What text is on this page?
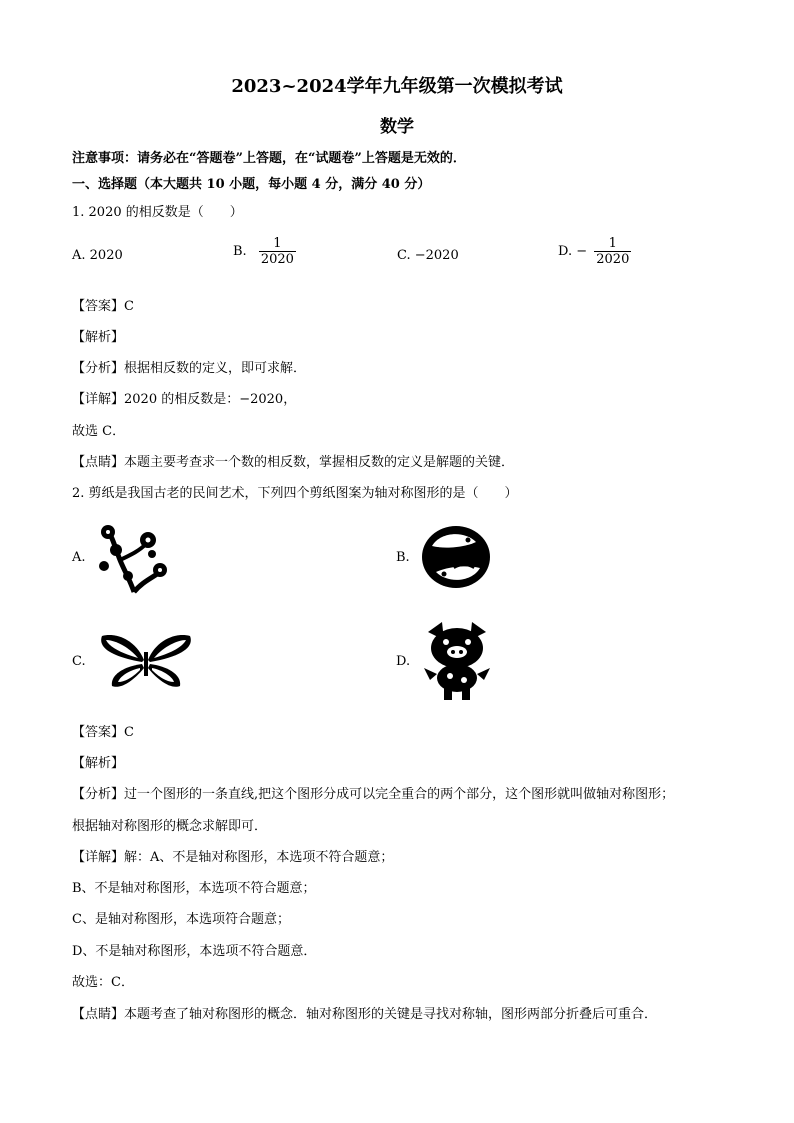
2023~2024学年九年级第一次模拟考试
数学
注意事项：请务必在“答题卷”上答题，在“试题卷”上答题是无效的．
一、选择题（本大题共 10 小题，每小题 4 分，满分 40 分）
1. 2020 的相反数是（　　）
A. 2020	B. $\frac{1}{2020}$	C. −2020	D. − $\frac{1}{2020}$
【答案】C
【解析】
【分析】根据相反数的定义，即可求解．
【详解】2020 的相反数是：−2020，
故选 C．
【点睛】本题主要考查求一个数的相反数，掌握相反数的定义是解题的关键．
2. 剪纸是我国古老的民间艺术，下列四个剪纸图案为轴对称图形的是（　　）
A.	B.
C.	D.
【答案】C
【解析】
【分析】过一个图形的一条直线,把这个图形分成可以完全重合的两个部分，这个图形就叫做轴对称图形；
根据轴对称图形的概念求解即可．
【详解】解：A、不是轴对称图形，本选项不符合题意；
B、不是轴对称图形，本选项不符合题意；
C、是轴对称图形，本选项符合题意；
D、不是轴对称图形，本选项不符合题意．
故选：C．
【点睛】本题考查了轴对称图形的概念．轴对称图形的关键是寻找对称轴，图形两部分折叠后可重合．
